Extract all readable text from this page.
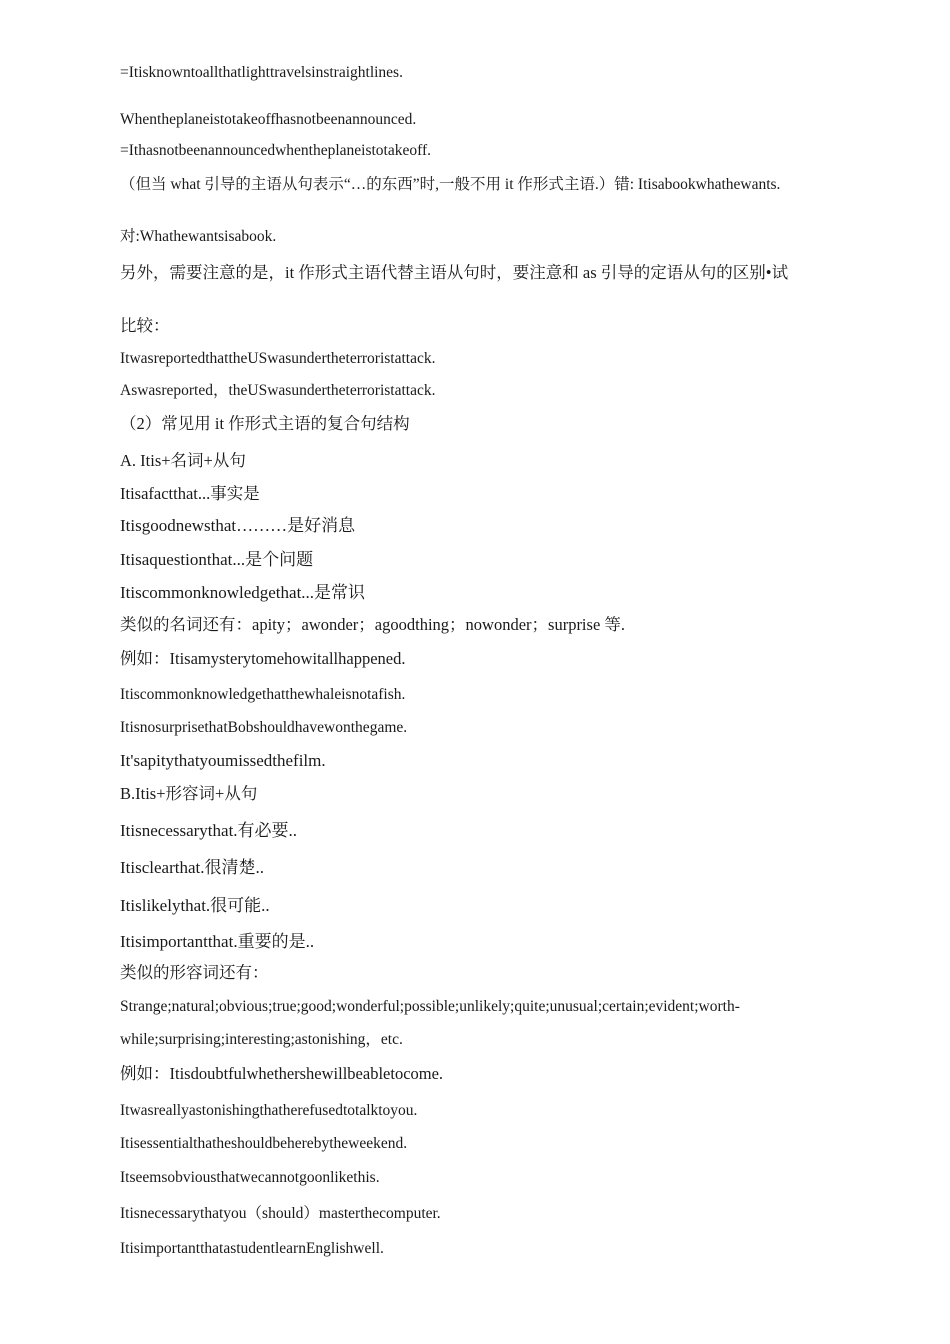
=Itisknowntoallthatlighttravelsinstraightlines.
Whentheplaneistotakeoffhasnotbeenannounced.
=Ithasnotbeenannouncedwhentheplaneistotakeoff.
（但当 what 引导的主语从句表示“…的东西”时,一般不用 it 作形式主语.）错: Itisabookwhathewants.
对:Whathewantsisabook.
另外，需要注意的是，it 作形式主语代替主语从句时，要注意和 as 引导的定语从句的区别•试
比较：
ItwasreportedthattheUSwasundertheterroristattack.
Aswasreported，theUSwasundertheterroristattack.
（2）常见用 it 作形式主语的复合句结构
A. Itis+名词+从句
Itisafactthat...事实是
Itisgoodnewsthat………是好消息
Itisaquestionthat...是个问题
Itiscommonknowledgethat...是常识
类似的名词还有：apity；awonder；agoodthing；nowonder；surprise 等.
例如：Itisamysterytomehowitallhappened.
Itiscommonknowledgethatthewhaleisnotafish.
ItisnosurprisethatBobshouldhavewonthegame.
It'sapitythatyoumissedthefilm.
B.Itis+形容词+从句
Itisnecessarythat.有必要..
Itisclearthat.很清楚..
Itislikelythat.很可能..
Itisimportantthat.重要的是..
类似的形容词还有：
Strange;natural;obvious;true;good;wonderful;possible;unlikely;quite;unusual;certain;evident;worth-
while;surprising;interesting;astonishing，etc.
例如：Itisdoubtfulwhethershewillbeabletocome.
Itwasreallyastonishingthatherefusedtotalktoyou.
Itisessentialthatheshouldbeherebytheweekend.
Itseemsobviousthatwecannotgoonlikethis.
Itisnecessarythatyou（should）masterthecomputer.
ItisimportantthatastudentlearnEnglishwell.
